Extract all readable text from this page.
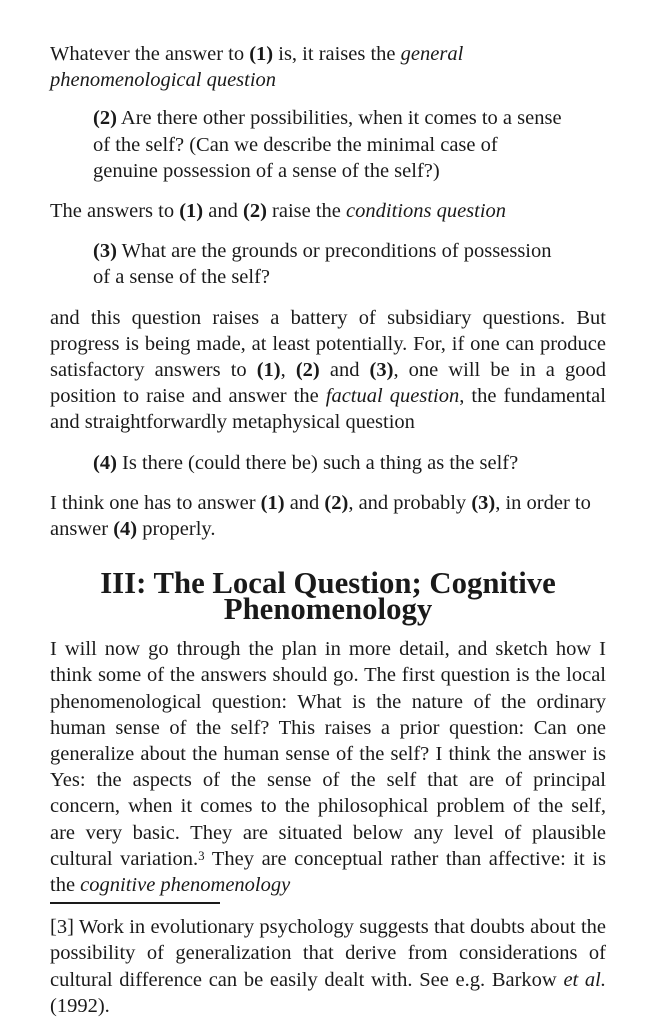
Whatever the answer to (1) is, it raises the general phenomenological question

(2) Are there other possibilities, when it comes to a sense of the self? (Can we describe the minimal case of genuine possession of a sense of the self?)

The answers to (1) and (2) raise the conditions question

(3) What are the grounds or preconditions of possession of a sense of the self?

and this question raises a battery of subsidiary questions. But progress is being made, at least potentially. For, if one can produce satisfactory answers to (1), (2) and (3), one will be in a good position to raise and answer the factual question, the fundamental and straightforwardly metaphysical question

(4) Is there (could there be) such a thing as the self?

I think one has to answer (1) and (2), and probably (3), in order to answer (4) properly.

III: The Local Question; Cognitive Phenomenology

I will now go through the plan in more detail, and sketch how I think some of the answers should go. The first question is the local phenomenological question: What is the nature of the ordinary human sense of the self? This raises a prior question: Can one generalize about the human sense of the self? I think the answer is Yes: the aspects of the sense of the self that are of principal concern, when it comes to the philosophical problem of the self, are very basic. They are situated below any level of plausible cultural variation.$^3$ They are conceptual rather than affective: it is the cognitive phenomenology

[3] Work in evolutionary psychology suggests that doubts about the possibility of generalization that derive from considerations of cultural difference can be easily dealt with. See e.g. Barkow et al. (1992).
